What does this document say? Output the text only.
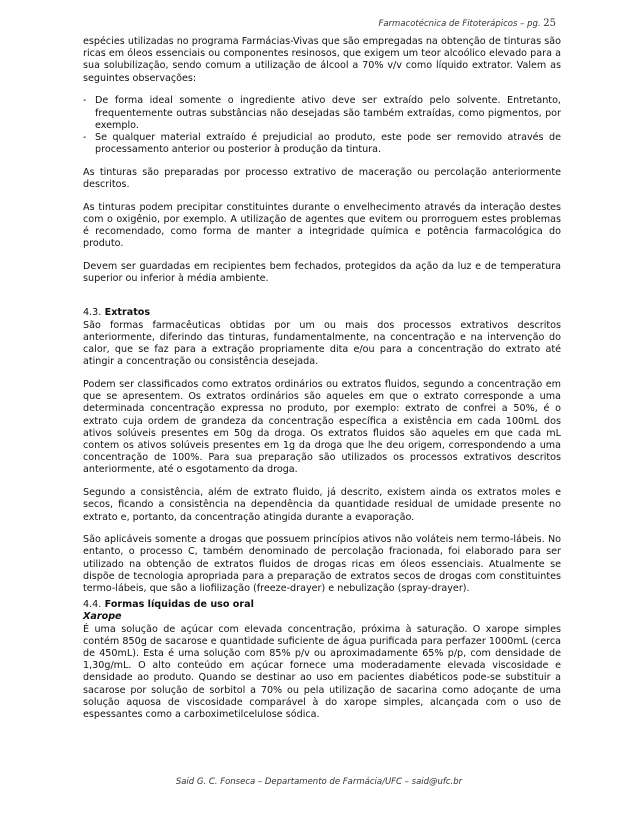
Farmacotécnica de Fitoterápicos – pg. 25

espécies utilizadas no programa Farmácias-Vivas que são empregadas na obtenção de tinturas são ricas em óleos essenciais ou componentes resinosos, que exigem um teor alcoólico elevado para a sua solubilização, sendo comum a utilização de álcool a 70% v/v como líquido extrator. Valem as seguintes observações:

- De forma ideal somente o ingrediente ativo deve ser extraído pelo solvente. Entretanto, frequentemente outras substâncias não desejadas são também extraídas, como pigmentos, por exemplo.
- Se qualquer material extraído é prejudicial ao produto, este pode ser removido através de processamento anterior ou posterior à produção da tintura.

As tinturas são preparadas por processo extrativo de maceração ou percolação anteriormente descritos.

As tinturas podem precipitar constituintes durante o envelhecimento através da interação destes com o oxigênio, por exemplo. A utilização de agentes que evitem ou prorroguem estes problemas é recomendado, como forma de manter a integridade química e potência farmacológica do produto.

Devem ser guardadas em recipientes bem fechados, protegidos da ação da luz e de temperatura superior ou inferior à média ambiente.

4.3. Extratos

São formas farmacêuticas obtidas por um ou mais dos processos extrativos descritos anteriormente, diferindo das tinturas, fundamentalmente, na concentração e na intervenção do calor, que se faz para a extração propriamente dita e/ou para a concentração do extrato até atingir a concentração ou consistência desejada.

Podem ser classificados como extratos ordinários ou extratos fluidos, segundo a concentração em que se apresentem. Os extratos ordinários são aqueles em que o extrato corresponde a uma determinada concentração expressa no produto, por exemplo: extrato de confrei a 50%, é o extrato cuja ordem de grandeza da concentração específica a existência em cada 100mL dos ativos solúveis presentes em 50g da droga. Os extratos fluidos são aqueles em que cada mL contem os ativos solúveis presentes em 1g da droga que lhe deu origem, correspondendo a uma concentração de 100%. Para sua preparação são utilizados os processos extrativos descritos anteriormente, até o esgotamento da droga.

Segundo a consistência, além de extrato fluido, já descrito, existem ainda os extratos moles e secos, ficando a consistência na dependência da quantidade residual de umidade presente no extrato e, portanto, da concentração atingida durante a evaporação.

São aplicáveis somente a drogas que possuem princípios ativos não voláteis nem termo-lábeis. No entanto, o processo C, também denominado de percolação fracionada, foi elaborado para ser utilizado na obtenção de extratos fluidos de drogas ricas em óleos essenciais. Atualmente se dispõe de tecnologia apropriada para a preparação de extratos secos de drogas com constituintes termo-lábeis, que são a liofilização (freeze-drayer) e nebulização (spray-drayer).

4.4. Formas líquidas de uso oral
Xarope

É uma solução de açúcar com elevada concentração, próxima à saturação. O xarope simples contém 850g de sacarose e quantidade suficiente de água purificada para perfazer 1000mL (cerca de 450mL). Esta é uma solução com 85% p/v ou aproximadamente 65% p/p, com densidade de 1,30g/mL. O alto conteúdo em açúcar fornece uma moderadamente elevada viscosidade e densidade ao produto. Quando se destinar ao uso em pacientes diabéticos pode-se substituir a sacarose por solução de sorbitol a 70% ou pela utilização de sacarina como adoçante de uma solução aquosa de viscosidade comparável à do xarope simples, alcançada com o uso de espessantes como a carboximetilcelulose sódica.

Said G. C. Fonseca – Departamento de Farmácia/UFC – said@ufc.br
